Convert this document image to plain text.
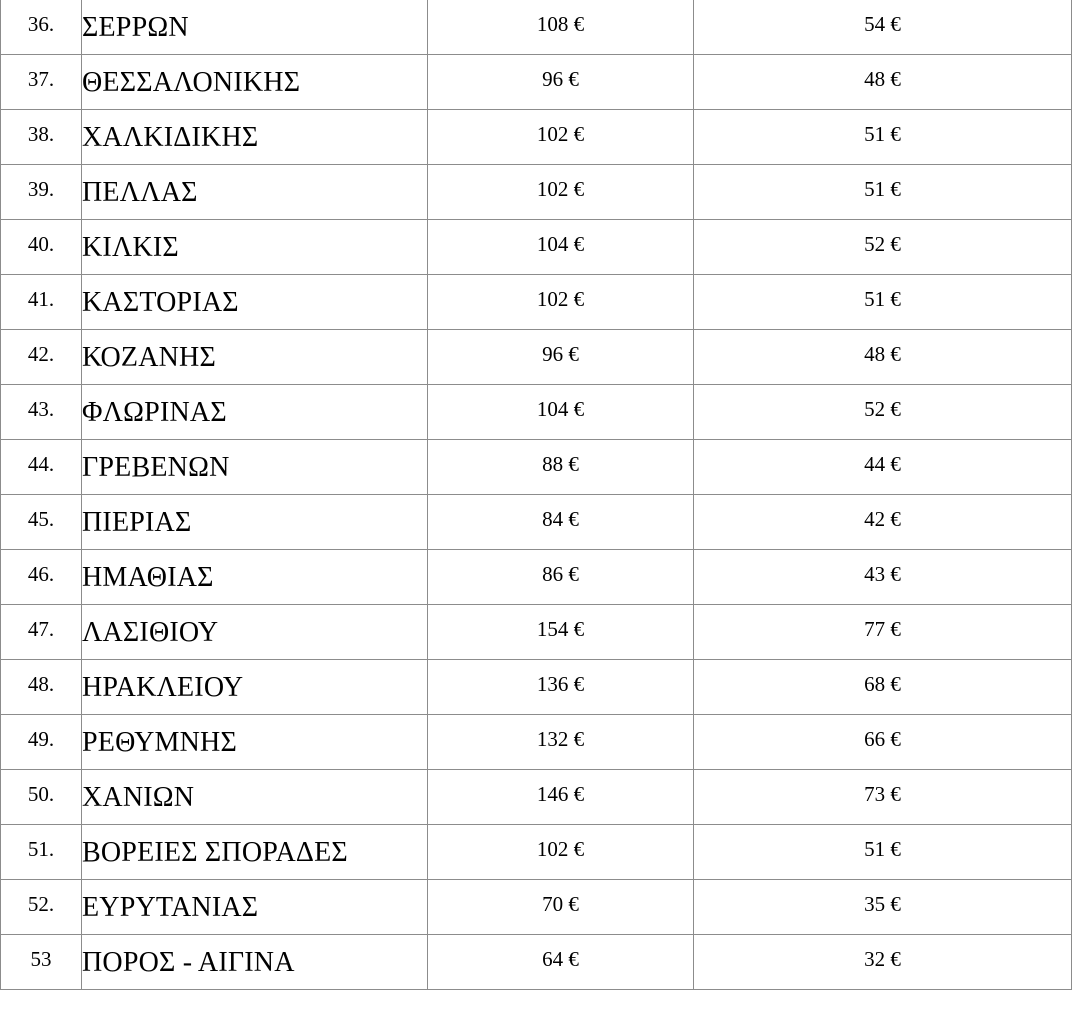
36.	ΣΕΡΡΩΝ	108 €	54 €
37.	ΘΕΣΣΑΛΟΝΙΚΗΣ	96 €	48 €
38.	ΧΑΛΚΙΔΙΚΗΣ	102 €	51 €
39.	ΠΕΛΛΑΣ	102 €	51 €
40.	ΚΙΛΚΙΣ	104 €	52 €
41.	ΚΑΣΤΟΡΙΑΣ	102 €	51 €
42.	ΚΟΖΑΝΗΣ	96 €	48 €
43.	ΦΛΩΡΙΝΑΣ	104 €	52 €
44.	ΓΡΕΒΕΝΩΝ	88 €	44 €
45.	ΠΙΕΡΙΑΣ	84 €	42 €
46.	ΗΜΑΘΙΑΣ	86 €	43 €
47.	ΛΑΣΙΘΙΟΥ	154 €	77 €
48.	ΗΡΑΚΛΕΙΟΥ	136 €	68 €
49.	ΡΕΘΥΜΝΗΣ	132 €	66 €
50.	ΧΑΝΙΩΝ	146 €	73 €
51.	ΒΟΡΕΙΕΣ ΣΠΟΡΑΔΕΣ	102 €	51 €
52.	ΕΥΡΥΤΑΝΙΑΣ	70 €	35 €
53	ΠΟΡΟΣ - ΑΙΓΙΝΑ	64 €	32 €
